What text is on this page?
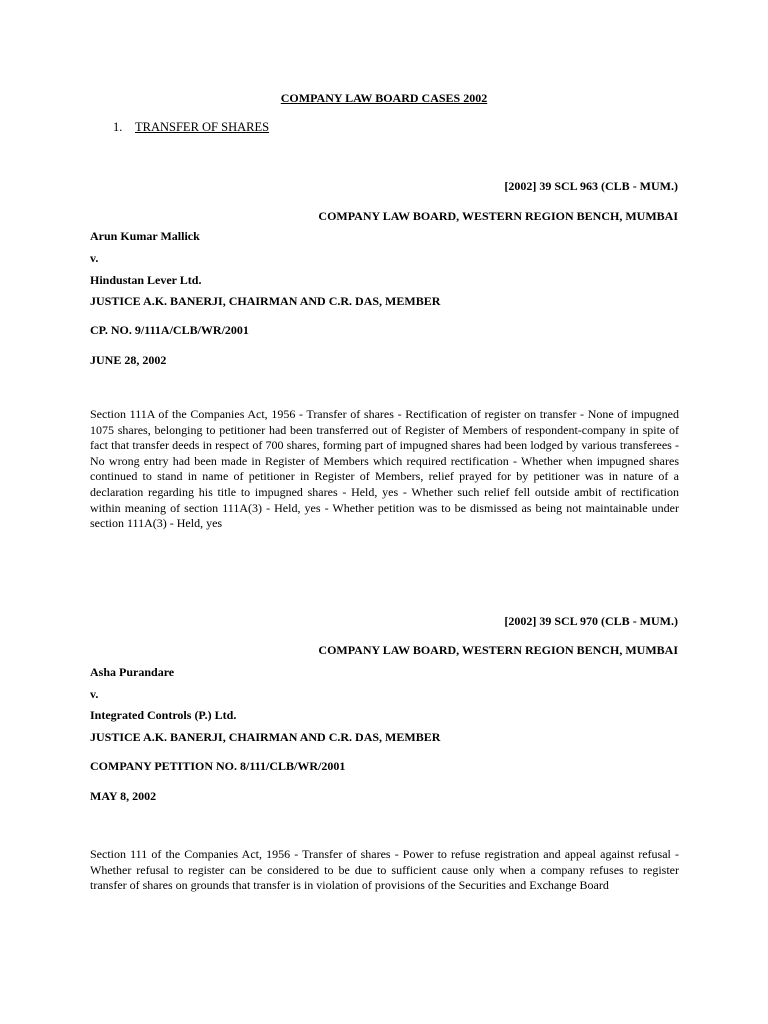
COMPANY LAW BOARD CASES 2002
1. TRANSFER OF SHARES
[2002] 39 SCL 963 (CLB - MUM.)
COMPANY LAW BOARD, WESTERN REGION BENCH, MUMBAI
Arun Kumar Mallick
v.
Hindustan Lever Ltd.
JUSTICE A.K. BANERJI, CHAIRMAN AND C.R. DAS, MEMBER
CP. NO. 9/111A/CLB/WR/2001
JUNE 28, 2002
Section 111A of the Companies Act, 1956 - Transfer of shares - Rectification of register on transfer - None of impugned 1075 shares, belonging to petitioner had been transferred out of Register of Members of respondent-company in spite of fact that transfer deeds in respect of 700 shares, forming part of impugned shares had been lodged by various transferees - No wrong entry had been made in Register of Members which required rectification - Whether when impugned shares continued to stand in name of petitioner in Register of Members, relief prayed for by petitioner was in nature of a declaration regarding his title to impugned shares - Held, yes - Whether such relief fell outside ambit of rectification within meaning of section 111A(3) - Held, yes - Whether petition was to be dismissed as being not maintainable under section 111A(3) - Held, yes
[2002] 39 SCL 970 (CLB - MUM.)
COMPANY LAW BOARD, WESTERN REGION BENCH, MUMBAI
Asha Purandare
v.
Integrated Controls (P.) Ltd.
JUSTICE A.K. BANERJI, CHAIRMAN AND C.R. DAS, MEMBER
COMPANY PETITION NO. 8/111/CLB/WR/2001
MAY 8, 2002
Section 111 of the Companies Act, 1956 - Transfer of shares - Power to refuse registration and appeal against refusal - Whether refusal to register can be considered to be due to sufficient cause only when a company refuses to register transfer of shares on grounds that transfer is in violation of provisions of the Securities and Exchange Board
